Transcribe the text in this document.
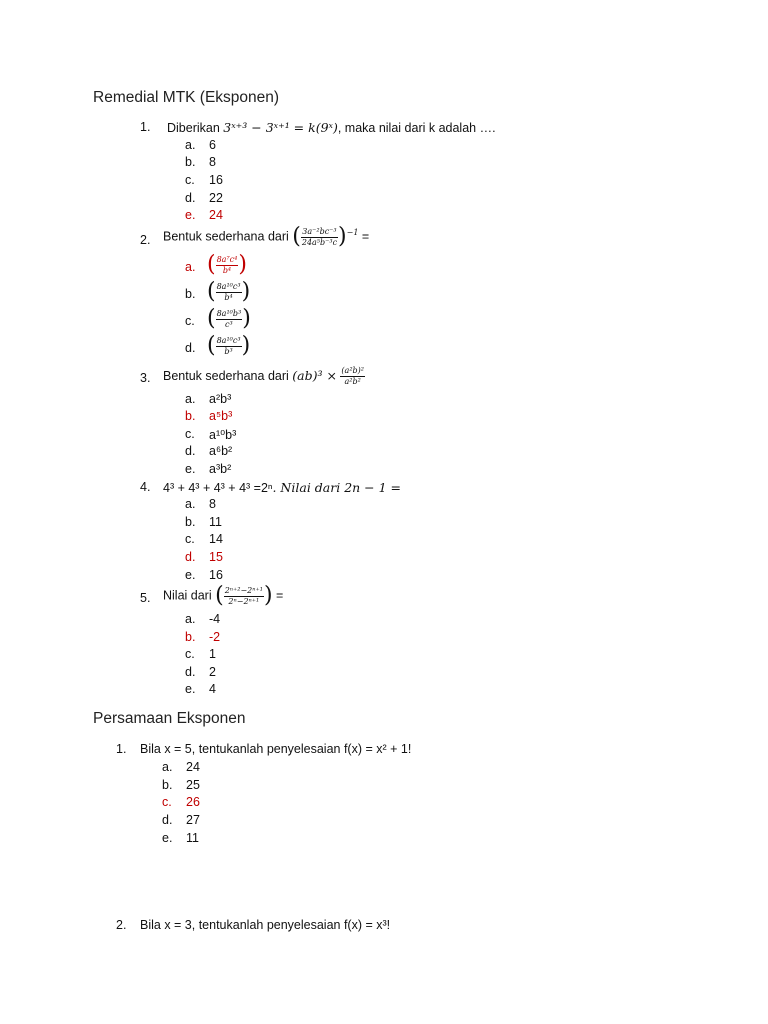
Remedial MTK (Eksponen)
1. Diberikan 3ˣ⁺³ − 3ˣ⁺¹ = k(9ˣ), maka nilai dari k adalah ….
a. 6
b. 8
c. 16
d. 22
e. 24
2. Bentuk sederhana dari ( $\frac{\text{3a⁻²bc⁻³}}{\text{24a⁵b⁻³c}} )^{-1}$ =
a. ( $\frac{\text{8a⁷c⁴}}{\text{b⁴}}$ )
b. ( $\frac{\text{8a¹⁰c³}}{\text{b⁴}}$ )
c. ( $\frac{\text{8a¹⁰b³}}{\text{c³}}$ )
d. ( $\frac{\text{8a¹⁰c³}}{\text{b³}}$ )
3. Bentuk sederhana dari $(ab)^3 \times \frac{\text{(a²b)²}}{\text{a²b²}}$
a. a²b³
b. a⁵b³
c. a¹⁰b³
d. a⁶b²
e. a³b²
4. 4³ + 4³ + 4³ + 4³ =2ⁿ. Nilai dari 2n − 1 =
a. 8
b. 11
c. 14
d. 15
e. 16
5. Nilai dari ( $\frac{\text{2ⁿ⁺²−2ⁿ⁺¹}}{\text{2ⁿ−2ⁿ⁺¹}}$ ) =
a. -4
b. -2
c. 1
d. 2
e. 4
Persamaan Eksponen
1. Bila x = 5, tentukanlah penyelesaian f(x) = x² + 1!
a. 24
b. 25
c. 26
d. 27
e. 11
2. Bila x = 3, tentukanlah penyelesaian f(x) = x³!
